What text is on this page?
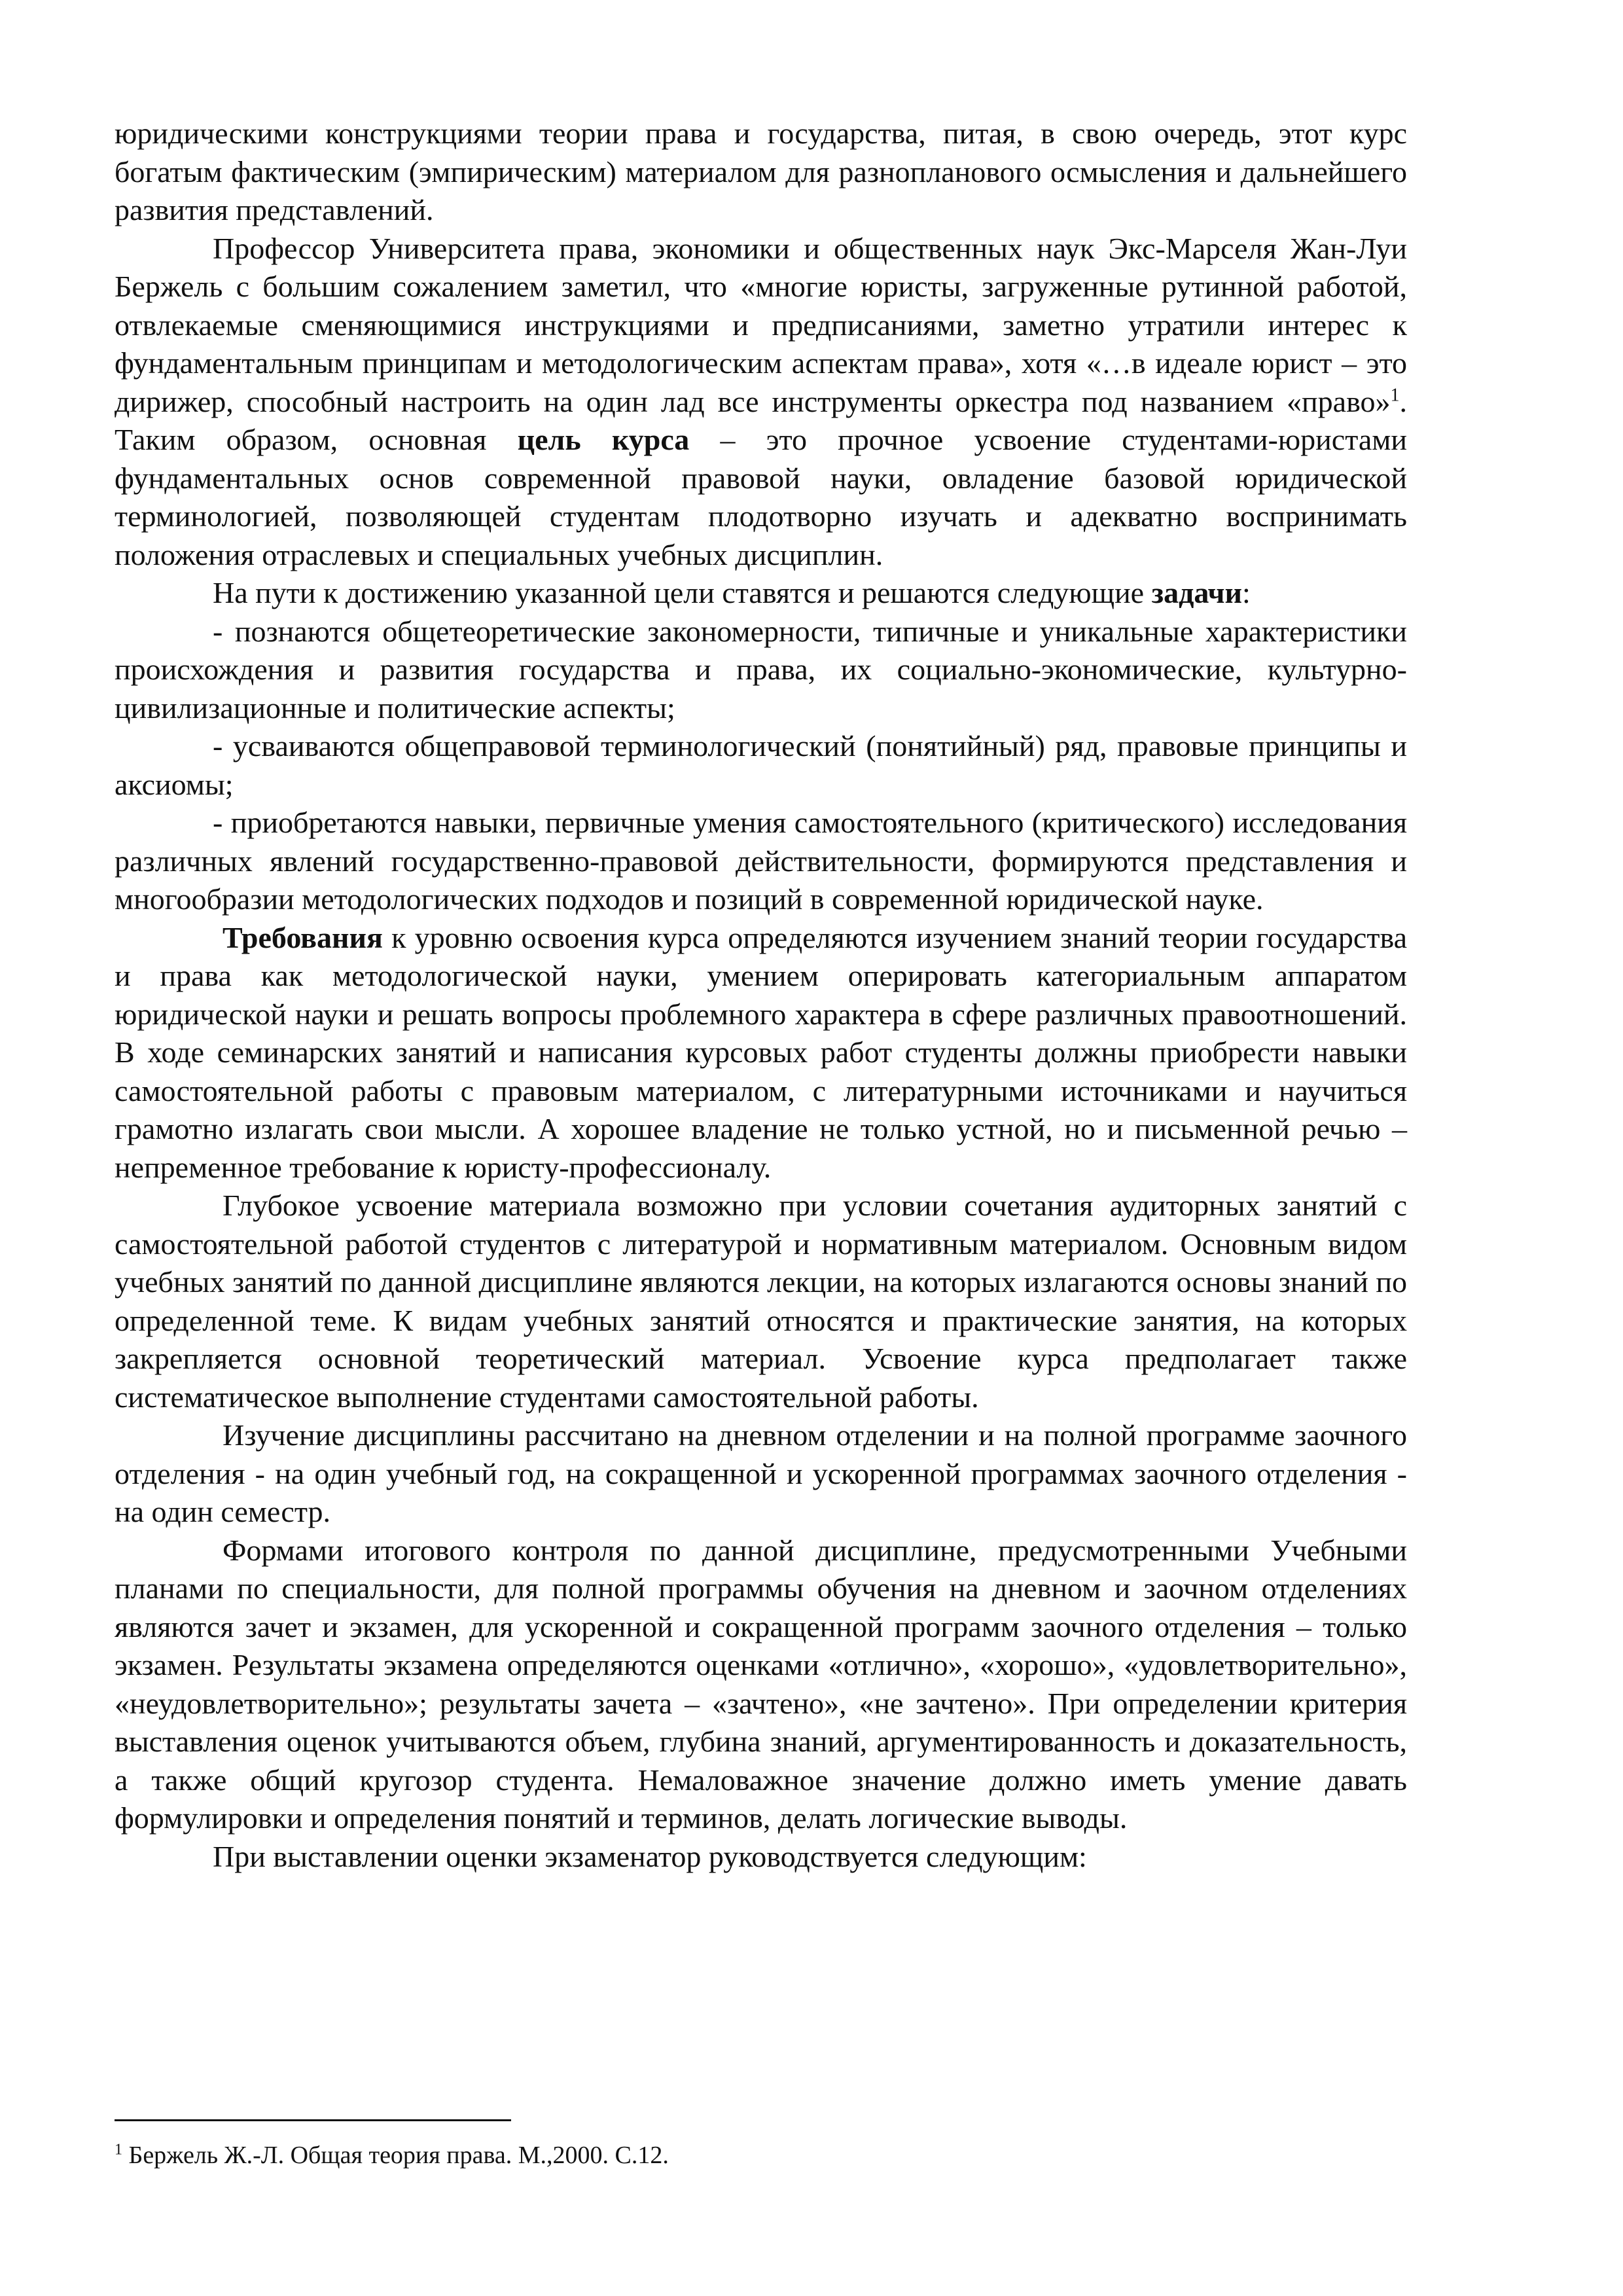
юридическими конструкциями теории права и государства, питая, в свою очередь, этот курс богатым фактическим (эмпирическим) материалом для разнопланового осмысления и дальнейшего развития представлений.

Профессор Университета права, экономики и общественных наук Экс-Марселя Жан-Луи Бержель с большим сожалением заметил, что «многие юристы, загруженные рутинной работой, отвлекаемые сменяющимися инструкциями и предписаниями, заметно утратили интерес к фундаментальным принципам и методологическим аспектам права», хотя «…в идеале юрист – это дирижер, способный настроить на один лад все инструменты оркестра под названием «право»$^1$. Таким образом, основная цель курса – это прочное усвоение студентами-юристами фундаментальных основ современной правовой науки, овладение базовой юридической терминологией, позволяющей студентам плодотворно изучать и адекватно воспринимать положения отраслевых и специальных учебных дисциплин.

На пути к достижению указанной цели ставятся и решаются следующие задачи:

- познаются общетеоретические закономерности, типичные и уникальные характеристики происхождения и развития государства и права, их социально-экономические, культурно-цивилизационные и политические аспекты;

- усваиваются общеправовой терминологический (понятийный) ряд, правовые принципы и аксиомы;

- приобретаются навыки, первичные умения самостоятельного (критического) исследования различных явлений государственно-правовой действительности, формируются представления и многообразии методологических подходов и позиций в современной юридической науке.

Требования к уровню освоения курса определяются изучением знаний теории государства и права как методологической науки, умением оперировать категориальным аппаратом юридической науки и решать вопросы проблемного характера в сфере различных правоотношений. В ходе семинарских занятий и написания курсовых работ студенты должны приобрести навыки самостоятельной работы с правовым материалом, с литературными источниками и научиться грамотно излагать свои мысли. А хорошее владение не только устной, но и письменной речью – непременное требование к юристу-профессионалу.

Глубокое усвоение материала возможно при условии сочетания аудиторных занятий с самостоятельной работой студентов с литературой и нормативным материалом. Основным видом учебных занятий по данной дисциплине являются лекции, на которых излагаются основы знаний по определенной теме. К видам учебных занятий относятся и практические занятия, на которых закрепляется основной теоретический материал. Усвоение курса предполагает также систематическое выполнение студентами самостоятельной работы.

Изучение дисциплины рассчитано на дневном отделении и на полной программе заочного отделения - на один учебный год, на сокращенной и ускоренной программах заочного отделения - на один семестр.

Формами итогового контроля по данной дисциплине, предусмотренными Учебными планами по специальности, для полной программы обучения на дневном и заочном отделениях являются зачет и экзамен, для ускоренной и сокращенной программ заочного отделения – только экзамен. Результаты экзамена определяются оценками «отлично», «хорошо», «удовлетворительно», «неудовлетворительно»; результаты зачета – «зачтено», «не зачтено». При определении критерия выставления оценок учитываются объем, глубина знаний, аргументированность и доказательность, а также общий кругозор студента. Немаловажное значение должно иметь умение давать формулировки и определения понятий и терминов, делать логические выводы.

При выставлении оценки экзаменатор руководствуется следующим:

$^1$ Бержель Ж.-Л. Общая теория права. М.,2000. С.12.
